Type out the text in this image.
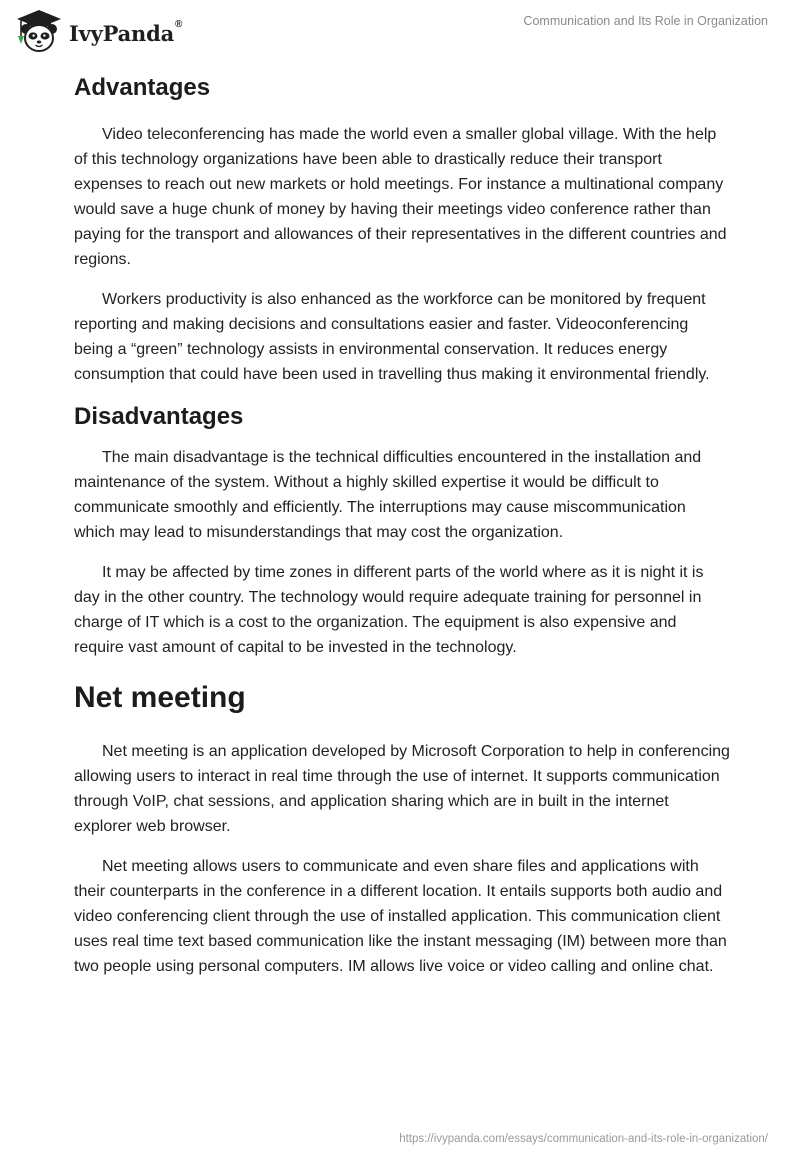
IvyPanda®	Communication and Its Role in Organization
Advantages

Video teleconferencing has made the world even a smaller global village. With the help of this technology organizations have been able to drastically reduce their transport expenses to reach out new markets or hold meetings. For instance a multinational company would save a huge chunk of money by having their meetings video conference rather than paying for the transport and allowances of their representatives in the different countries and regions.

Workers productivity is also enhanced as the workforce can be monitored by frequent reporting and making decisions and consultations easier and faster. Videoconferencing being a “green” technology assists in environmental conservation. It reduces energy consumption that could have been used in travelling thus making it environmental friendly.

Disadvantages

The main disadvantage is the technical difficulties encountered in the installation and maintenance of the system. Without a highly skilled expertise it would be difficult to communicate smoothly and efficiently. The interruptions may cause miscommunication which may lead to misunderstandings that may cost the organization.

It may be affected by time zones in different parts of the world where as it is night it is day in the other country. The technology would require adequate training for personnel in charge of IT which is a cost to the organization. The equipment is also expensive and require vast amount of capital to be invested in the technology.

Net meeting

Net meeting is an application developed by Microsoft Corporation to help in conferencing allowing users to interact in real time through the use of internet. It supports communication through VoIP, chat sessions, and application sharing which are in built in the internet explorer web browser.

Net meeting allows users to communicate and even share files and applications with their counterparts in the conference in a different location. It entails supports both audio and video conferencing client through the use of installed application. This communication client uses real time text based communication like the instant messaging (IM) between more than two people using personal computers. IM allows live voice or video calling and online chat.

https://ivypanda.com/essays/communication-and-its-role-in-organization/
